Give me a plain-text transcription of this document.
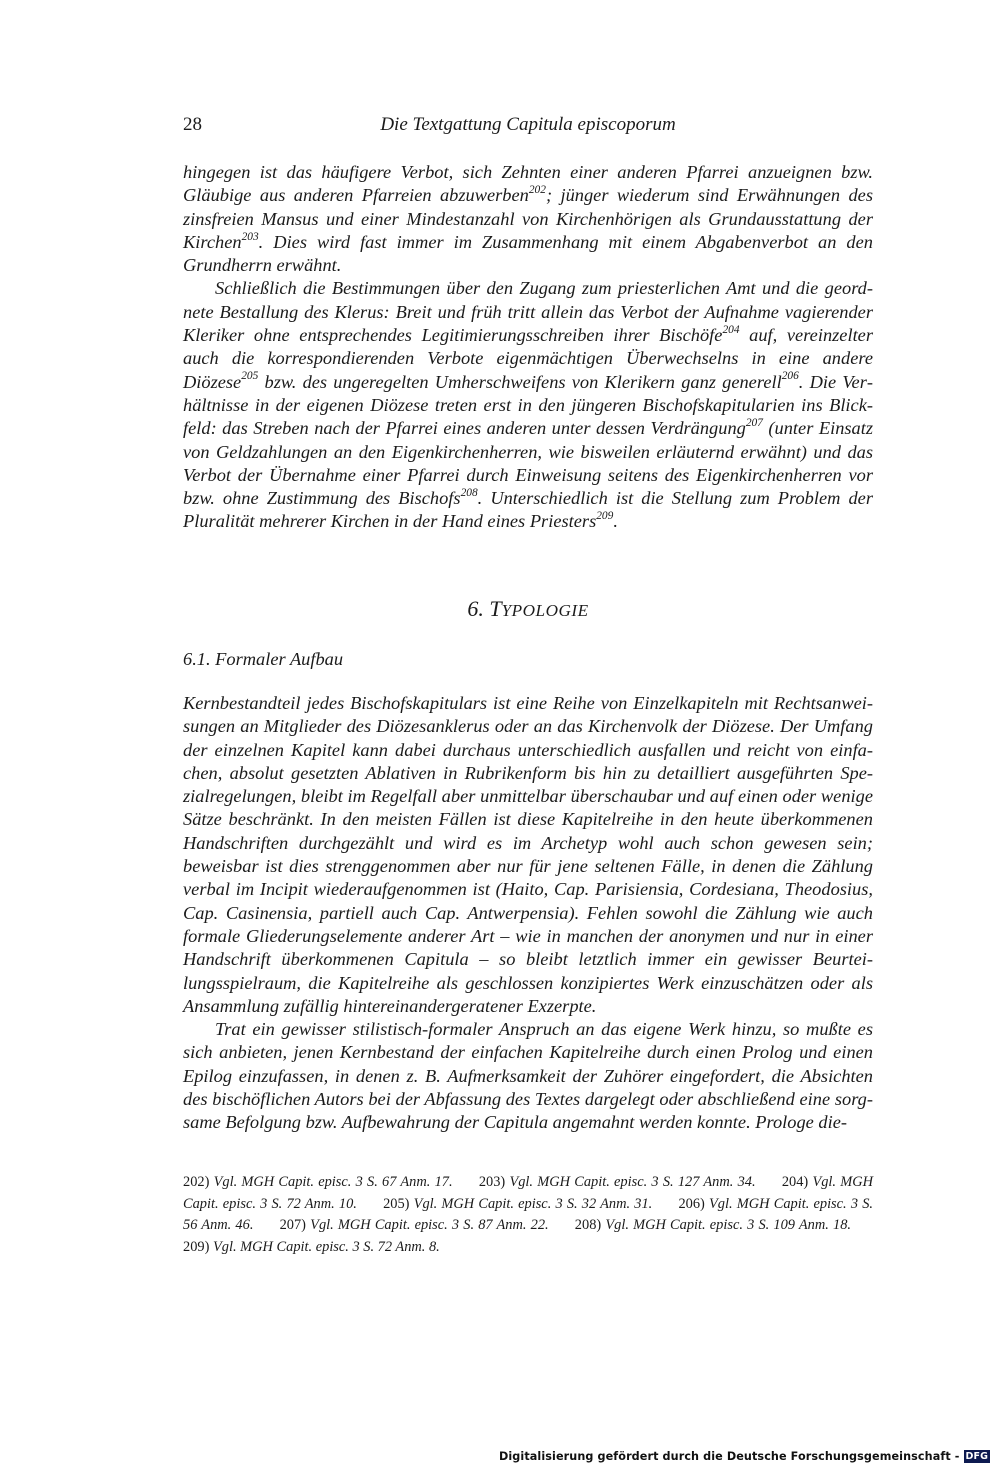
28	Die Textgattung Capitula episcoporum

hingegen ist das häufigere Verbot, sich Zehnten einer anderen Pfarrei anzueignen bzw. Gläubige aus anderen Pfarreien abzuwerben$^{202}$; jünger wiederum sind Erwähnungen des zinsfreien Mansus und einer Mindestanzahl von Kirchenhörigen als Grundausstattung der Kirchen$^{203}$. Dies wird fast immer im Zusammenhang mit einem Abgabenverbot an den Grundherrn erwähnt.

Schließlich die Bestimmungen über den Zugang zum priesterlichen Amt und die geordnete Bestallung des Klerus: Breit und früh tritt allein das Verbot der Aufnahme vagierender Kleriker ohne entsprechendes Legitimierungsschreiben ihrer Bischöfe$^{204}$ auf, vereinzelter auch die korrespondierenden Verbote eigenmächtigen Überwechselns in eine andere Diözese$^{205}$ bzw. des ungeregelten Umherschweifens von Klerikern ganz generell$^{206}$. Die Verhältnisse in der eigenen Diözese treten erst in den jüngeren Bischofskapitularien ins Blickfeld: das Streben nach der Pfarrei eines anderen unter dessen Verdrängung$^{207}$ (unter Einsatz von Geldzahlungen an den Eigenkirchenherren, wie bisweilen erläuternd erwähnt) und das Verbot der Übernahme einer Pfarrei durch Einweisung seitens des Eigenkirchenherren vor bzw. ohne Zustimmung des Bischofs$^{208}$. Unterschiedlich ist die Stellung zum Problem der Pluralität mehrerer Kirchen in der Hand eines Priesters$^{209}$.

6. TYPOLOGIE
6.1. Formaler Aufbau

Kernbestandteil jedes Bischofskapitulars ist eine Reihe von Einzelkapiteln mit Rechtsanweisungen an Mitglieder des Diözesanklerus oder an das Kirchenvolk der Diözese. Der Umfang der einzelnen Kapitel kann dabei durchaus unterschiedlich ausfallen und reicht von einfachen, absolut gesetzten Ablativen in Rubrikenform bis hin zu detailliert ausgeführten Spezialregelungen, bleibt im Regelfall aber unmittelbar überschaubar und auf einen oder wenige Sätze beschränkt. In den meisten Fällen ist diese Kapitelreihe in den heute überkommenen Handschriften durchgezählt und wird es im Archetyp wohl auch schon gewesen sein; beweisbar ist dies strenggenommen aber nur für jene seltenen Fälle, in denen die Zählung verbal im Incipit wiederaufgenommen ist (Haito, Cap. Parisiensia, Cordesiana, Theodosius, Cap. Casinensia, partiell auch Cap. Antwerpensia). Fehlen sowohl die Zählung wie auch formale Gliederungselemente anderer Art – wie in manchen der anonymen und nur in einer Handschrift überkommenen Capitula – so bleibt letztlich immer ein gewisser Beurteilungsspielraum, die Kapitelreihe als geschlossen konzipiertes Werk einzuschätzen oder als Ansammlung zufällig hintereinandergeratener Exzerpte.

Trat ein gewisser stilistisch-formaler Anspruch an das eigene Werk hinzu, so mußte es sich anbieten, jenen Kernbestand der einfachen Kapitelreihe durch einen Prolog und einen Epilog einzufassen, in denen z. B. Aufmerksamkeit der Zuhörer eingefordert, die Absichten des bischöflichen Autors bei der Abfassung des Textes dargelegt oder abschließend eine sorgsame Befolgung bzw. Aufbewahrung der Capitula angemahnt werden konnte. Prologe die-

202) Vgl. MGH Capit. episc. 3 S. 67 Anm. 17. 203) Vgl. MGH Capit. episc. 3 S. 127 Anm. 34. 204) Vgl. MGH Capit. episc. 3 S. 72 Anm. 10. 205) Vgl. MGH Capit. episc. 3 S. 32 Anm. 31. 206) Vgl. MGH Capit. episc. 3 S. 56 Anm. 46. 207) Vgl. MGH Capit. episc. 3 S. 87 Anm. 22. 208) Vgl. MGH Capit. episc. 3 S. 109 Anm. 18. 209) Vgl. MGH Capit. episc. 3 S. 72 Anm. 8.
Digitalisierung gefördert durch die Deutsche Forschungsgemeinschaft - DFG
